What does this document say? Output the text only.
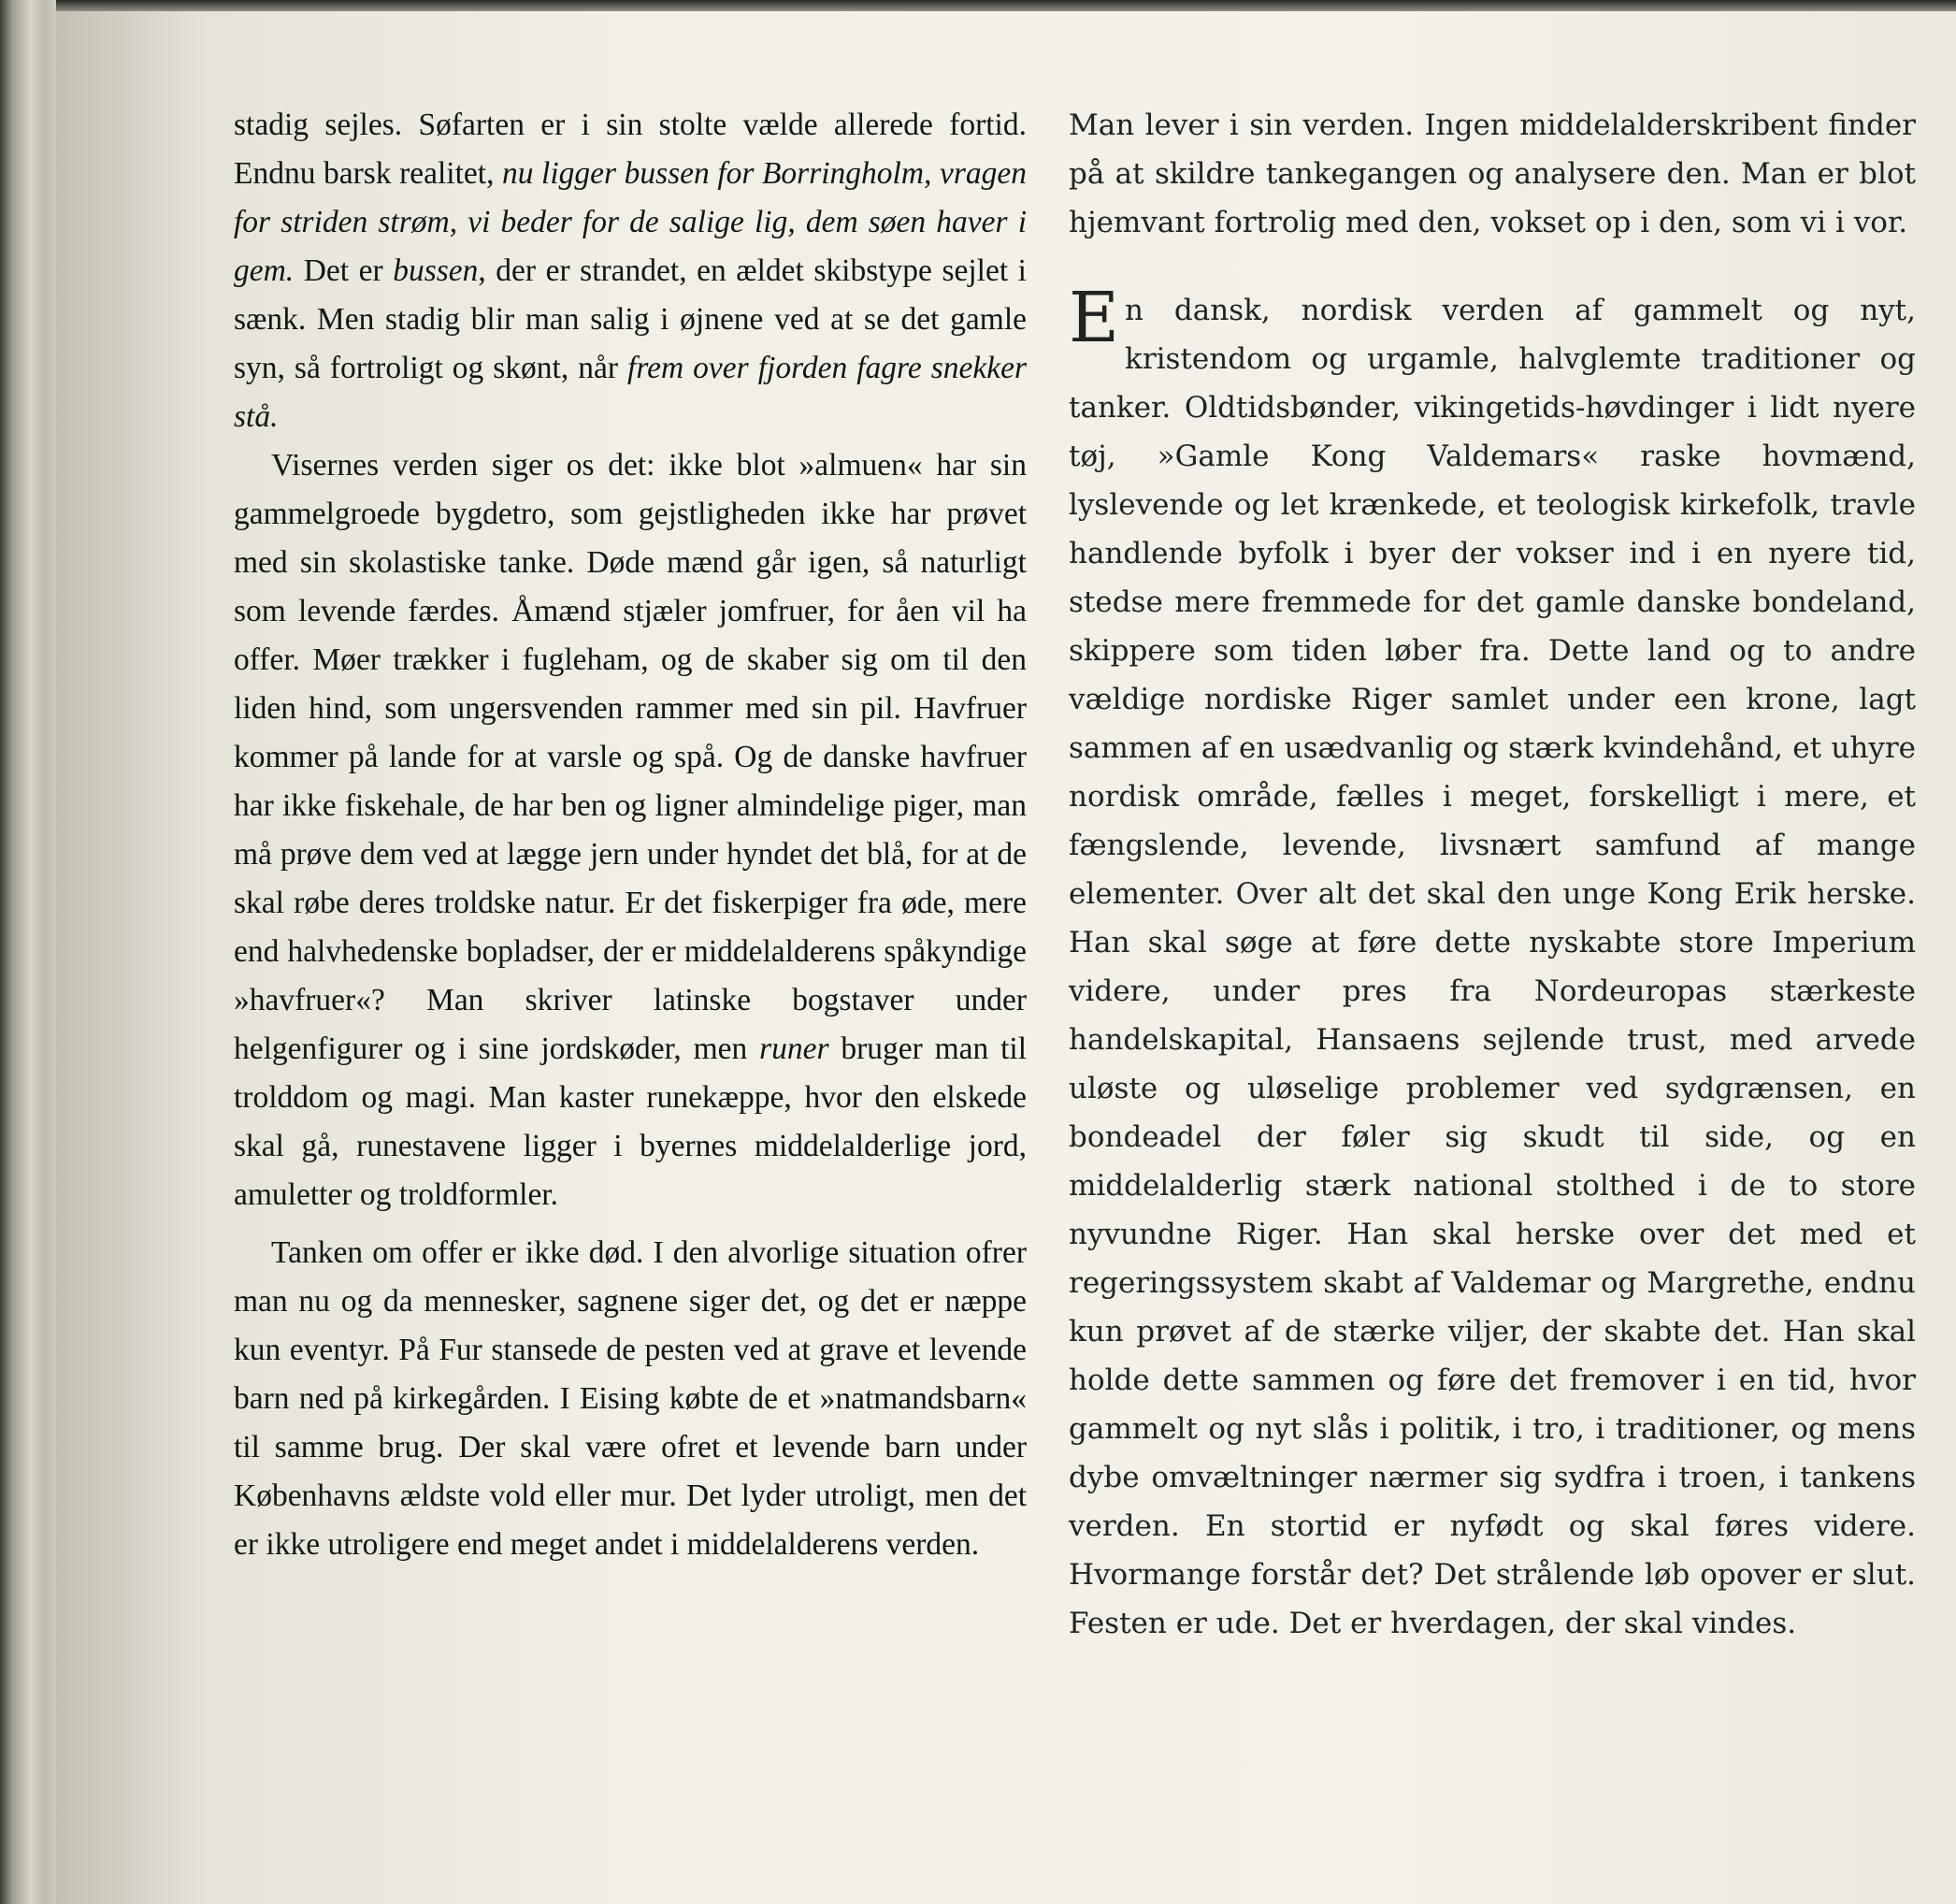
stadig sejles. Søfarten er i sin stolte vælde allerede fortid. Endnu barsk realitet, nu ligger bussen for Borringholm, vragen for striden strøm, vi beder for de salige lig, dem søen haver i gem. Det er bussen, der er strandet, en ældet skibstype sejlet i sænk. Men stadig blir man salig i øjnene ved at se det gamle syn, så fortroligt og skønt, når frem over fjorden fagre snekker stå.

Visernes verden siger os det: ikke blot »almuen« har sin gammelgroede bygdetro, som gejstligheden ikke har prøvet med sin skolastiske tanke. Døde mænd går igen, så naturligt som levende færdes. Åmænd stjæler jomfruer, for åen vil ha offer. Møer trækker i fugleham, og de skaber sig om til den liden hind, som ungersvenden rammer med sin pil. Havfruer kommer på lande for at varsle og spå. Og de danske havfruer har ikke fiskehale, de har ben og ligner almindelige piger, man må prøve dem ved at lægge jern under hyndet det blå, for at de skal røbe deres troldske natur. Er det fiskerpiger fra øde, mere end halvhedenske bopladser, der er middelalderens spåkyndige »havfruer«? Man skriver latinske bogstaver under helgenfigurer og i sine jordskøder, men runer bruger man til trolddom og magi. Man kaster runekæppe, hvor den elskede skal gå, runestavene ligger i byernes middelalderlige jord, amuletter og troldformler.

Tanken om offer er ikke død. I den alvorlige situation ofrer man nu og da mennesker, sagnene siger det, og det er næppe kun eventyr. På Fur stansede de pesten ved at grave et levende barn ned på kirkegården. I Eising købte de et »natmandsbarn« til samme brug. Der skal være ofret et levende barn under Københavns ældste vold eller mur. Det lyder utroligt, men det er ikke utroligere end meget andet i middelalderens verden.

Man lever i sin verden. Ingen middelalderskribent finder på at skildre tankegangen og analysere den. Man er blot hjemvant fortrolig med den, vokset op i den, som vi i vor.

En dansk, nordisk verden af gammelt og nyt, kristendom og urgamle, halvglemte traditioner og tanker. Oldtidsbønder, vikingetids-høvdinger i lidt nyere tøj, »Gamle Kong Valdemars« raske hovmænd, lyslevende og let krænkede, et teologisk kirkefolk, travle handlende byfolk i byer der vokser ind i en nyere tid, stedse mere fremmede for det gamle danske bondeland, skippere som tiden løber fra. Dette land og to andre vældige nordiske Riger samlet under een krone, lagt sammen af en usædvanlig og stærk kvindehånd, et uhyre nordisk område, fælles i meget, forskelligt i mere, et fængslende, levende, livsnært samfund af mange elementer. Over alt det skal den unge Kong Erik herske. Han skal søge at føre dette nyskabte store Imperium videre, under pres fra Nordeuropas stærkeste handelskapital, Hansaens sejlende trust, med arvede uløste og uløselige problemer ved sydgrænsen, en bondeadel der føler sig skudt til side, og en middelalderlig stærk national stolthed i de to store nyvundne Riger. Han skal herske over det med et regeringssystem skabt af Valdemar og Margrethe, endnu kun prøvet af de stærke viljer, der skabte det. Han skal holde dette sammen og føre det fremover i en tid, hvor gammelt og nyt slås i politik, i tro, i traditioner, og mens dybe omvæltninger nærmer sig sydfra i troen, i tankens verden. En stortid er nyfødt og skal føres videre. Hvormange forstår det? Det strålende løb opover er slut. Festen er ude. Det er hverdagen, der skal vindes.
